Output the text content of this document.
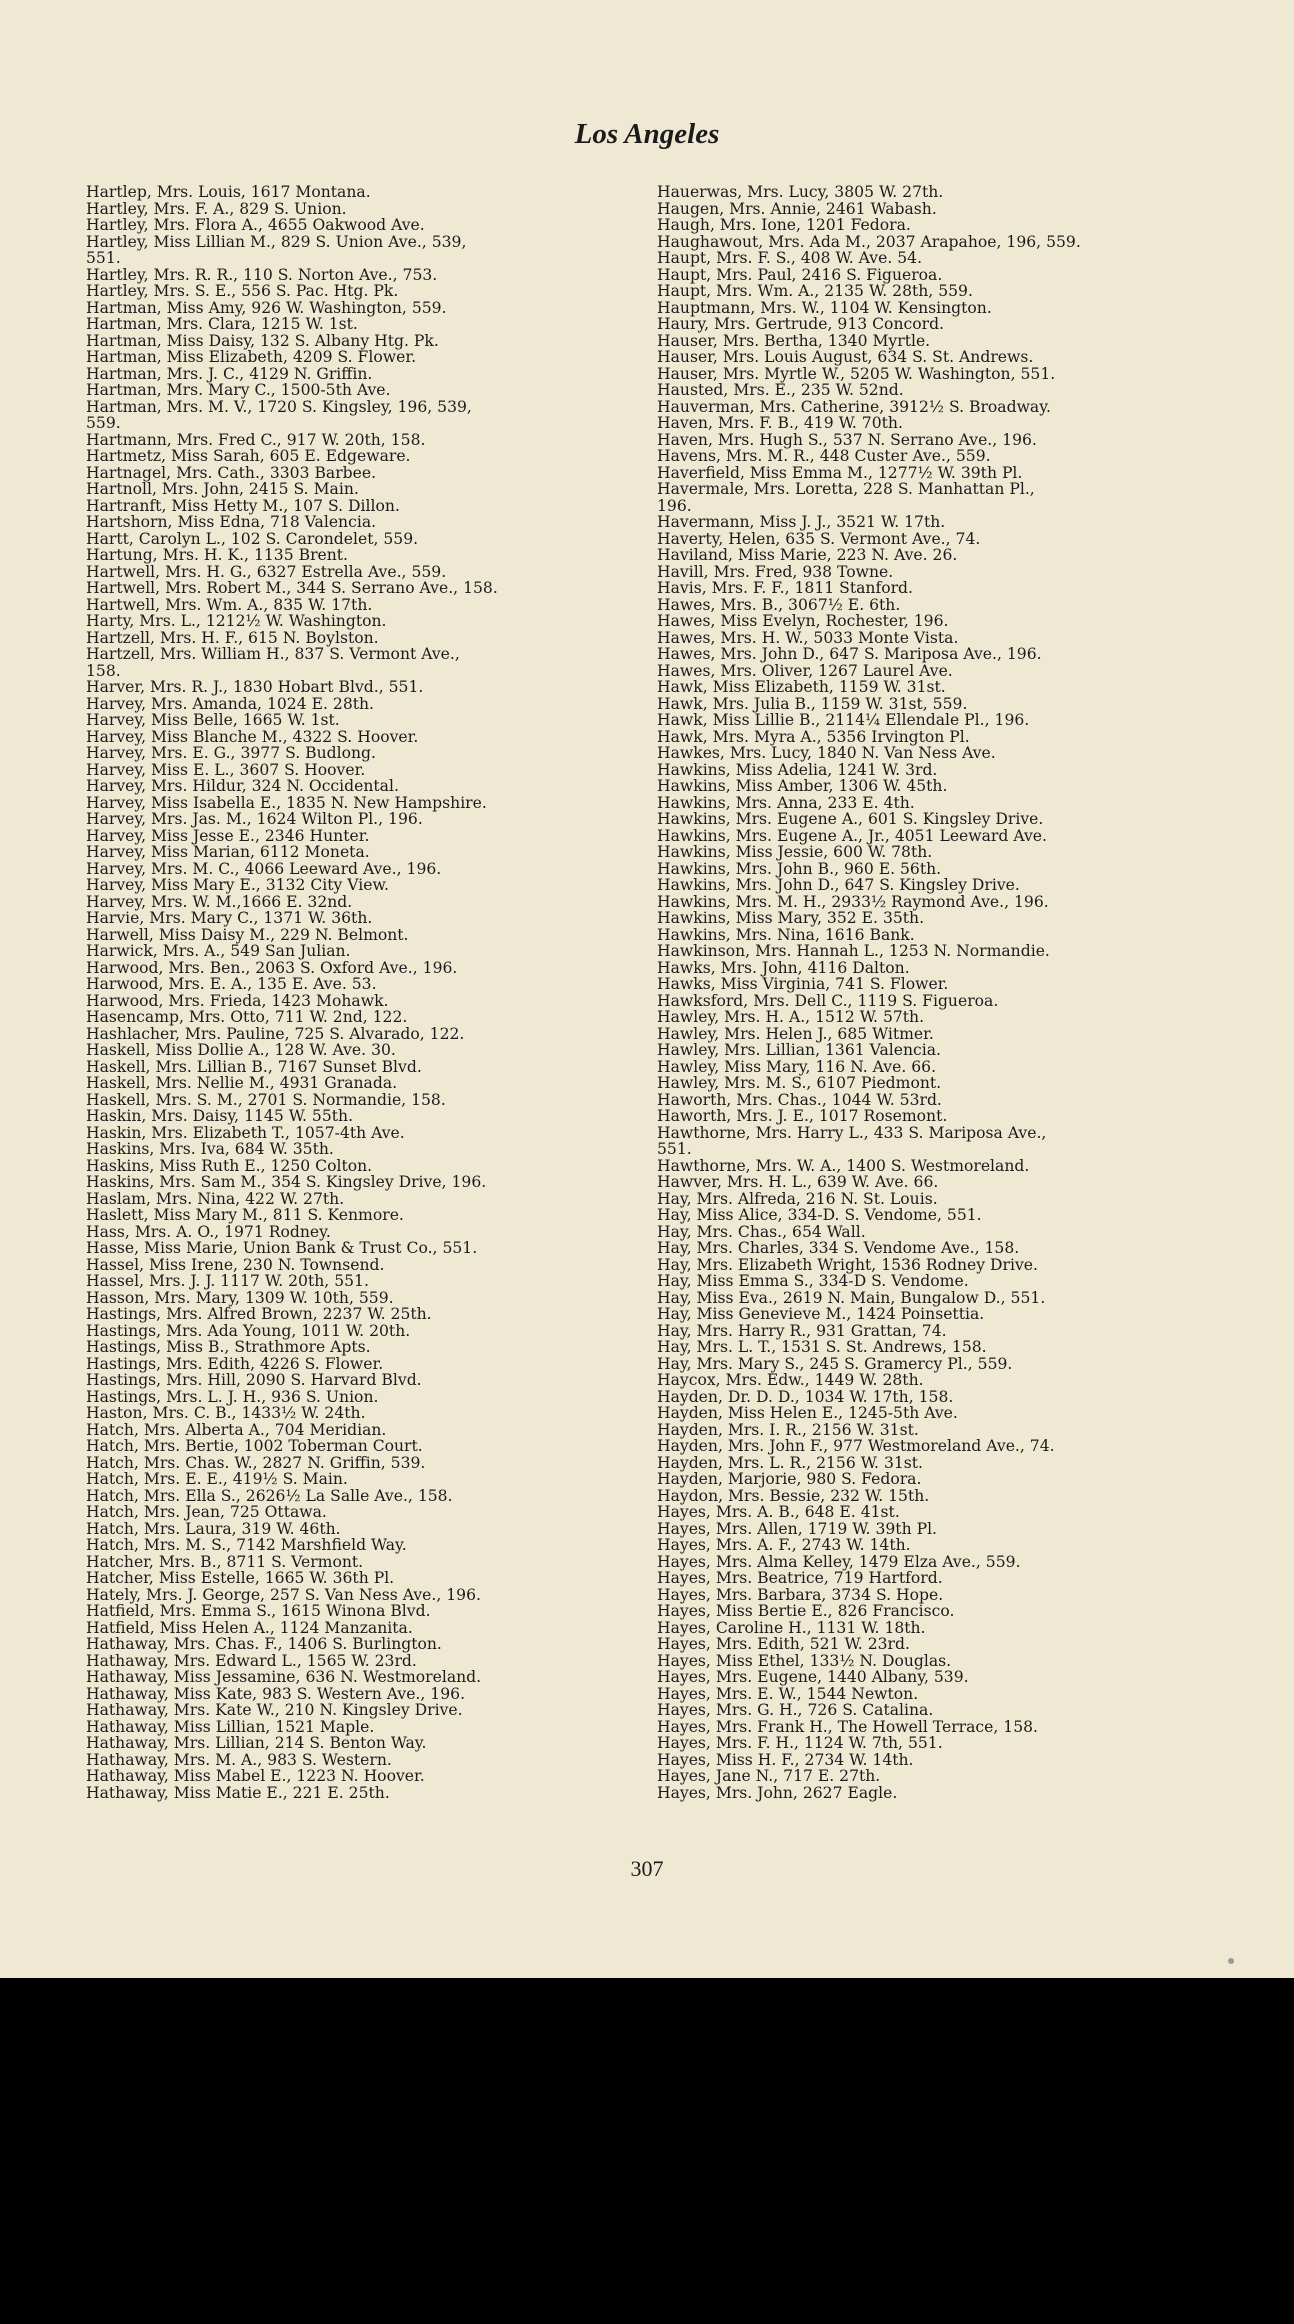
Los Angeles
Hartlep, Mrs. Louis, 1617 Montana.
Hartley, Mrs. F. A., 829 S. Union.
Hartley, Mrs. Flora A., 4655 Oakwood Ave.
Hartley, Miss Lillian M., 829 S. Union Ave., 539,
551.
Hartley, Mrs. R. R., 110 S. Norton Ave., 753.
Hartley, Mrs. S. E., 556 S. Pac. Htg. Pk.
Hartman, Miss Amy, 926 W. Washington, 559.
Hartman, Mrs. Clara, 1215 W. 1st.
Hartman, Miss Daisy, 132 S. Albany Htg. Pk.
Hartman, Miss Elizabeth, 4209 S. Flower.
Hartman, Mrs. J. C., 4129 N. Griffin.
Hartman, Mrs. Mary C., 1500-5th Ave.
Hartman, Mrs. M. V., 1720 S. Kingsley, 196, 539,
559.
Hartmann, Mrs. Fred C., 917 W. 20th, 158.
Hartmetz, Miss Sarah, 605 E. Edgeware.
Hartnagel, Mrs. Cath., 3303 Barbee.
Hartnoll, Mrs. John, 2415 S. Main.
Hartranft, Miss Hetty M., 107 S. Dillon.
Hartshorn, Miss Edna, 718 Valencia.
Hartt, Carolyn L., 102 S. Carondelet, 559.
Hartung, Mrs. H. K., 1135 Brent.
Hartwell, Mrs. H. G., 6327 Estrella Ave., 559.
Hartwell, Mrs. Robert M., 344 S. Serrano Ave., 158.
Hartwell, Mrs. Wm. A., 835 W. 17th.
Harty, Mrs. L., 1212½ W. Washington.
Hartzell, Mrs. H. F., 615 N. Boylston.
Hartzell, Mrs. William H., 837 S. Vermont Ave.,
158.
Harver, Mrs. R. J., 1830 Hobart Blvd., 551.
Harvey, Mrs. Amanda, 1024 E. 28th.
Harvey, Miss Belle, 1665 W. 1st.
Harvey, Miss Blanche M., 4322 S. Hoover.
Harvey, Mrs. E. G., 3977 S. Budlong.
Harvey, Miss E. L., 3607 S. Hoover.
Harvey, Mrs. Hildur, 324 N. Occidental.
Harvey, Miss Isabella E., 1835 N. New Hampshire.
Harvey, Mrs. Jas. M., 1624 Wilton Pl., 196.
Harvey, Miss Jesse E., 2346 Hunter.
Harvey, Miss Marian, 6112 Moneta.
Harvey, Mrs. M. C., 4066 Leeward Ave., 196.
Harvey, Miss Mary E., 3132 City View.
Harvey, Mrs. W. M.,1666 E. 32nd.
Harvie, Mrs. Mary C., 1371 W. 36th.
Harwell, Miss Daisy M., 229 N. Belmont.
Harwick, Mrs. A., 549 San Julian.
Harwood, Mrs. Ben., 2063 S. Oxford Ave., 196.
Harwood, Mrs. E. A., 135 E. Ave. 53.
Harwood, Mrs. Frieda, 1423 Mohawk.
Hasencamp, Mrs. Otto, 711 W. 2nd, 122.
Hashlacher, Mrs. Pauline, 725 S. Alvarado, 122.
Haskell, Miss Dollie A., 128 W. Ave. 30.
Haskell, Mrs. Lillian B., 7167 Sunset Blvd.
Haskell, Mrs. Nellie M., 4931 Granada.
Haskell, Mrs. S. M., 2701 S. Normandie, 158.
Haskin, Mrs. Daisy, 1145 W. 55th.
Haskin, Mrs. Elizabeth T., 1057-4th Ave.
Haskins, Mrs. Iva, 684 W. 35th.
Haskins, Miss Ruth E., 1250 Colton.
Haskins, Mrs. Sam M., 354 S. Kingsley Drive, 196.
Haslam, Mrs. Nina, 422 W. 27th.
Haslett, Miss Mary M., 811 S. Kenmore.
Hass, Mrs. A. O., 1971 Rodney.
Hasse, Miss Marie, Union Bank & Trust Co., 551.
Hassel, Miss Irene, 230 N. Townsend.
Hassel, Mrs. J. J. 1117 W. 20th, 551.
Hasson, Mrs. Mary, 1309 W. 10th, 559.
Hastings, Mrs. Alfred Brown, 2237 W. 25th.
Hastings, Mrs. Ada Young, 1011 W. 20th.
Hastings, Miss B., Strathmore Apts.
Hastings, Mrs. Edith, 4226 S. Flower.
Hastings, Mrs. Hill, 2090 S. Harvard Blvd.
Hastings, Mrs. L. J. H., 936 S. Union.
Haston, Mrs. C. B., 1433½ W. 24th.
Hatch, Mrs. Alberta A., 704 Meridian.
Hatch, Mrs. Bertie, 1002 Toberman Court.
Hatch, Mrs. Chas. W., 2827 N. Griffin, 539.
Hatch, Mrs. E. E., 419½ S. Main.
Hatch, Mrs. Ella S., 2626½ La Salle Ave., 158.
Hatch, Mrs. Jean, 725 Ottawa.
Hatch, Mrs. Laura, 319 W. 46th.
Hatch, Mrs. M. S., 7142 Marshfield Way.
Hatcher, Mrs. B., 8711 S. Vermont.
Hatcher, Miss Estelle, 1665 W. 36th Pl.
Hately, Mrs. J. George, 257 S. Van Ness Ave., 196.
Hatfield, Mrs. Emma S., 1615 Winona Blvd.
Hatfield, Miss Helen A., 1124 Manzanita.
Hathaway, Mrs. Chas. F., 1406 S. Burlington.
Hathaway, Mrs. Edward L., 1565 W. 23rd.
Hathaway, Miss Jessamine, 636 N. Westmoreland.
Hathaway, Miss Kate, 983 S. Western Ave., 196.
Hathaway, Mrs. Kate W., 210 N. Kingsley Drive.
Hathaway, Miss Lillian, 1521 Maple.
Hathaway, Mrs. Lillian, 214 S. Benton Way.
Hathaway, Mrs. M. A., 983 S. Western.
Hathaway, Miss Mabel E., 1223 N. Hoover.
Hathaway, Miss Matie E., 221 E. 25th.
Hauerwas, Mrs. Lucy, 3805 W. 27th.
Haugen, Mrs. Annie, 2461 Wabash.
Haugh, Mrs. Ione, 1201 Fedora.
Haughawout, Mrs. Ada M., 2037 Arapahoe, 196, 559.
Haupt, Mrs. F. S., 408 W. Ave. 54.
Haupt, Mrs. Paul, 2416 S. Figueroa.
Haupt, Mrs. Wm. A., 2135 W. 28th, 559.
Hauptmann, Mrs. W., 1104 W. Kensington.
Haury, Mrs. Gertrude, 913 Concord.
Hauser, Mrs. Bertha, 1340 Myrtle.
Hauser, Mrs. Louis August, 634 S. St. Andrews.
Hauser, Mrs. Myrtle W., 5205 W. Washington, 551.
Hausted, Mrs. E., 235 W. 52nd.
Hauverman, Mrs. Catherine, 3912½ S. Broadway.
Haven, Mrs. F. B., 419 W. 70th.
Haven, Mrs. Hugh S., 537 N. Serrano Ave., 196.
Havens, Mrs. M. R., 448 Custer Ave., 559.
Haverfield, Miss Emma M., 1277½ W. 39th Pl.
Havermale, Mrs. Loretta, 228 S. Manhattan Pl.,
196.
Havermann, Miss J. J., 3521 W. 17th.
Haverty, Helen, 635 S. Vermont Ave., 74.
Haviland, Miss Marie, 223 N. Ave. 26.
Havill, Mrs. Fred, 938 Towne.
Havis, Mrs. F. F., 1811 Stanford.
Hawes, Mrs. B., 3067½ E. 6th.
Hawes, Miss Evelyn, Rochester, 196.
Hawes, Mrs. H. W., 5033 Monte Vista.
Hawes, Mrs. John D., 647 S. Mariposa Ave., 196.
Hawes, Mrs. Oliver, 1267 Laurel Ave.
Hawk, Miss Elizabeth, 1159 W. 31st.
Hawk, Mrs. Julia B., 1159 W. 31st, 559.
Hawk, Miss Lillie B., 2114¼ Ellendale Pl., 196.
Hawk, Mrs. Myra A., 5356 Irvington Pl.
Hawkes, Mrs. Lucy, 1840 N. Van Ness Ave.
Hawkins, Miss Adelia, 1241 W. 3rd.
Hawkins, Miss Amber, 1306 W. 45th.
Hawkins, Mrs. Anna, 233 E. 4th.
Hawkins, Mrs. Eugene A., 601 S. Kingsley Drive.
Hawkins, Mrs. Eugene A., Jr., 4051 Leeward Ave.
Hawkins, Miss Jessie, 600 W. 78th.
Hawkins, Mrs. John B., 960 E. 56th.
Hawkins, Mrs. John D., 647 S. Kingsley Drive.
Hawkins, Mrs. M. H., 2933½ Raymond Ave., 196.
Hawkins, Miss Mary, 352 E. 35th.
Hawkins, Mrs. Nina, 1616 Bank.
Hawkinson, Mrs. Hannah L., 1253 N. Normandie.
Hawks, Mrs. John, 4116 Dalton.
Hawks, Miss Virginia, 741 S. Flower.
Hawksford, Mrs. Dell C., 1119 S. Figueroa.
Hawley, Mrs. H. A., 1512 W. 57th.
Hawley, Mrs. Helen J., 685 Witmer.
Hawley, Mrs. Lillian, 1361 Valencia.
Hawley, Miss Mary, 116 N. Ave. 66.
Hawley, Mrs. M. S., 6107 Piedmont.
Haworth, Mrs. Chas., 1044 W. 53rd.
Haworth, Mrs. J. E., 1017 Rosemont.
Hawthorne, Mrs. Harry L., 433 S. Mariposa Ave.,
551.
Hawthorne, Mrs. W. A., 1400 S. Westmoreland.
Hawver, Mrs. H. L., 639 W. Ave. 66.
Hay, Mrs. Alfreda, 216 N. St. Louis.
Hay, Miss Alice, 334-D. S. Vendome, 551.
Hay, Mrs. Chas., 654 Wall.
Hay, Mrs. Charles, 334 S. Vendome Ave., 158.
Hay, Mrs. Elizabeth Wright, 1536 Rodney Drive.
Hay, Miss Emma S., 334-D S. Vendome.
Hay, Miss Eva., 2619 N. Main, Bungalow D., 551.
Hay, Miss Genevieve M., 1424 Poinsettia.
Hay, Mrs. Harry R., 931 Grattan, 74.
Hay, Mrs. L. T., 1531 S. St. Andrews, 158.
Hay, Mrs. Mary S., 245 S. Gramercy Pl., 559.
Haycox, Mrs. Edw., 1449 W. 28th.
Hayden, Dr. D. D., 1034 W. 17th, 158.
Hayden, Miss Helen E., 1245-5th Ave.
Hayden, Mrs. I. R., 2156 W. 31st.
Hayden, Mrs. John F., 977 Westmoreland Ave., 74.
Hayden, Mrs. L. R., 2156 W. 31st.
Hayden, Marjorie, 980 S. Fedora.
Haydon, Mrs. Bessie, 232 W. 15th.
Hayes, Mrs. A. B., 648 E. 41st.
Hayes, Mrs. Allen, 1719 W. 39th Pl.
Hayes, Mrs. A. F., 2743 W. 14th.
Hayes, Mrs. Alma Kelley, 1479 Elza Ave., 559.
Hayes, Mrs. Beatrice, 719 Hartford.
Hayes, Mrs. Barbara, 3734 S. Hope.
Hayes, Miss Bertie E., 826 Francisco.
Hayes, Caroline H., 1131 W. 18th.
Hayes, Mrs. Edith, 521 W. 23rd.
Hayes, Miss Ethel, 133½ N. Douglas.
Hayes, Mrs. Eugene, 1440 Albany, 539.
Hayes, Mrs. E. W., 1544 Newton.
Hayes, Mrs. G. H., 726 S. Catalina.
Hayes, Mrs. Frank H., The Howell Terrace, 158.
Hayes, Mrs. F. H., 1124 W. 7th, 551.
Hayes, Miss H. F., 2734 W. 14th.
Hayes, Jane N., 717 E. 27th.
Hayes, Mrs. John, 2627 Eagle.
307
